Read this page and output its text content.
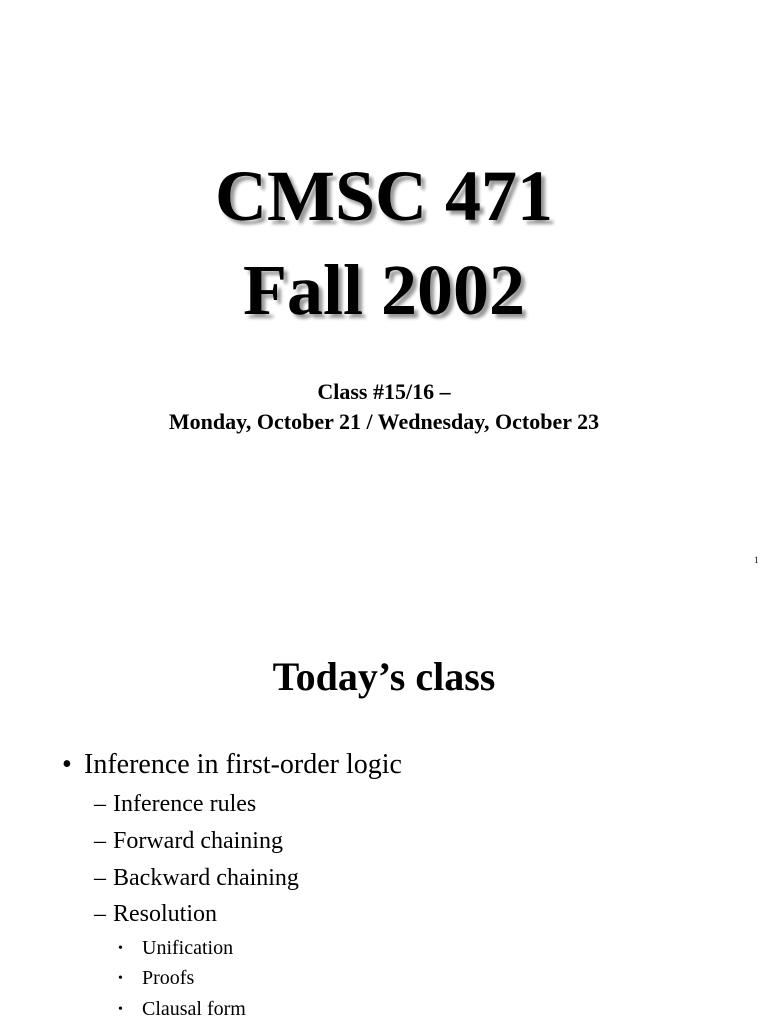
CMSC 471
Fall 2002
Class #15/16 –
Monday, October 21 / Wednesday, October 23
1
Today’s class
• Inference in first-order logic
– Inference rules
– Forward chaining
– Backward chaining
– Resolution
• Unification
• Proofs
• Clausal form
